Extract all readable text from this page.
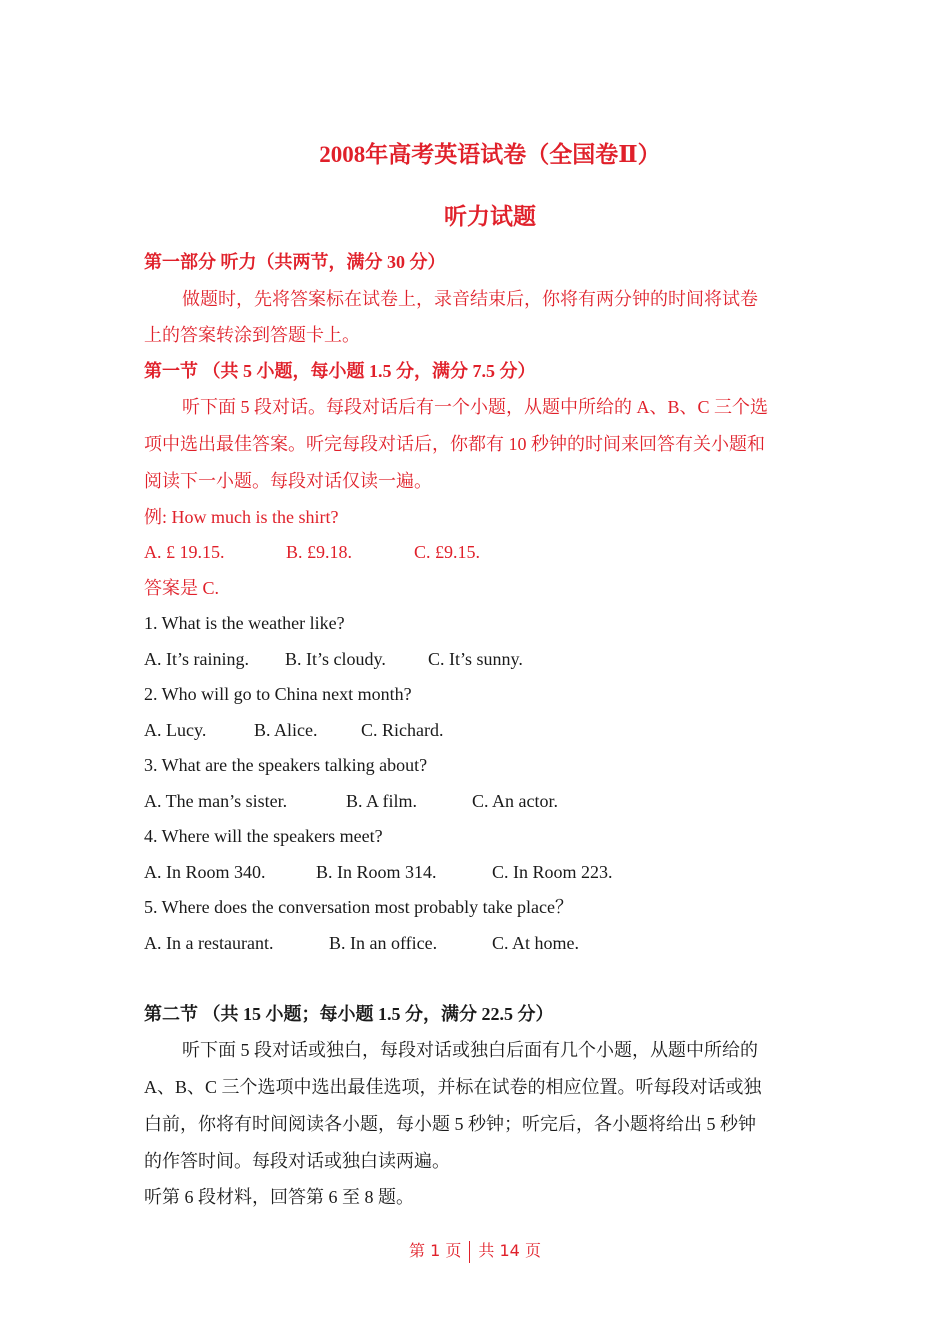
2008年高考英语试卷（全国卷Ⅱ）
听力试题
第一部分 听力（共两节，满分 30 分）
做题时，先将答案标在试卷上，录音结束后，你将有两分钟的时间将试卷
上的答案转涂到答题卡上。
第一节 （共 5 小题，每小题 1.5 分，满分 7.5 分）
听下面 5 段对话。每段对话后有一个小题，从题中所给的 A、B、C 三个选
项中选出最佳答案。听完每段对话后，你都有 10 秒钟的时间来回答有关小题和
阅读下一小题。每段对话仅读一遍。
例: How much is the shirt?
A. £ 19.15.	B. £9.18.	C. £9.15.
答案是 C.
1. What is the weather like?
A. It’s raining. B. It’s cloudy. C. It’s sunny.
2. Who will go to China next month?
A. Lucy.	B. Alice. C. Richard.
3. What are the speakers talking about?
A. The man’s sister.	B. A film.	C. An actor.
4. Where will the speakers meet?
A. In Room 340.	B. In Room 314.	C. In Room 223.
5. Where does the conversation most probably take place？
A. In a restaurant.	B. In an office.	C. At home.
第二节 （共 15 小题；每小题 1.5 分，满分 22.5 分）
听下面 5 段对话或独白，每段对话或独白后面有几个小题，从题中所给的
A、B、C 三个选项中选出最佳选项，并标在试卷的相应位置。听每段对话或独
白前，你将有时间阅读各小题，每小题 5 秒钟；听完后，各小题将给出 5 秒钟
的作答时间。每段对话或独白读两遍。
听第 6 段材料，回答第 6 至 8 题。
第 1 页 共 14 页
